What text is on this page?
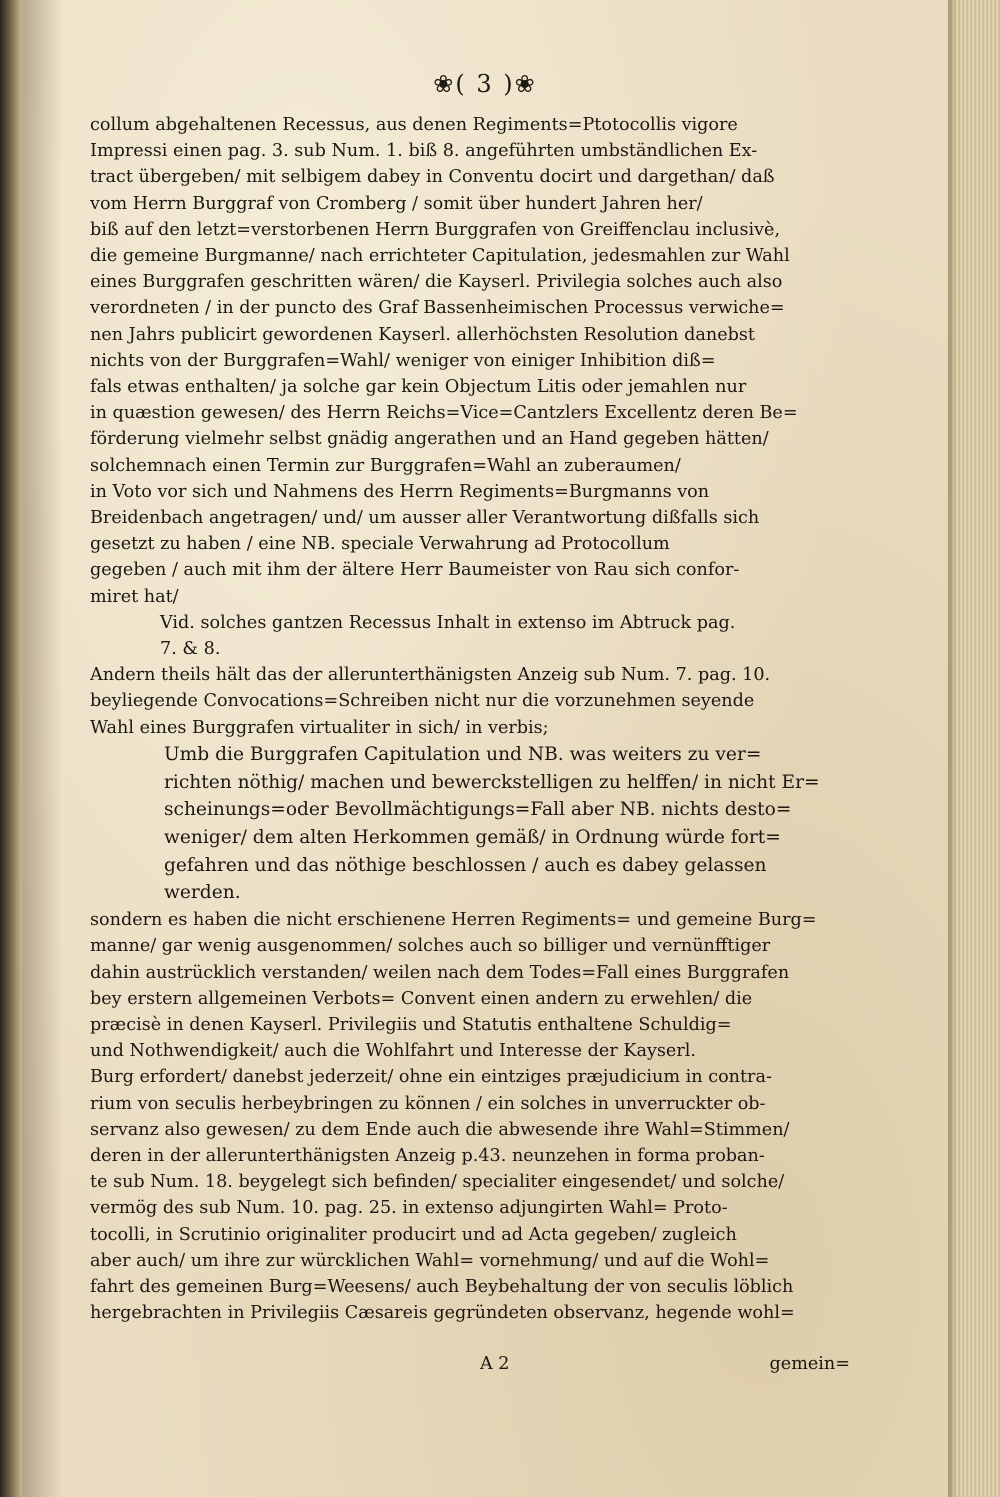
❀( 3 )❀

collum abgehaltenen Recessus, aus denen Regiments=Ptotocollis vigore
Impressi einen pag. 3. sub Num. 1. biß 8. angeführten umbständlichen Ex-
tract übergeben/ mit selbigem dabey in Conventu docirt und dargethan/ daß
vom Herrn Burggraf von Cromberg / somit über hundert Jahren her/
biß auf den letzt=verstorbenen Herrn Burggrafen von Greiffenclau inclusivè,
die gemeine Burgmanne/ nach errichteter Capitulation, jedesmahlen zur Wahl
eines Burggrafen geschritten wären/ die Kayserl. Privilegia solches auch also
verordneten / in der puncto des Graf Bassenheimischen Processus verwiche=
nen Jahrs publicirt gewordenen Kayserl. allerhöchsten Resolution danebst
nichts von der Burggrafen=Wahl/ weniger von einiger Inhibition diß=
fals etwas enthalten/ ja solche gar kein Objectum Litis oder jemahlen nur
in quæstion gewesen/ des Herrn Reichs=Vice=Cantzlers Excellentz deren Be=
förderung vielmehr selbst gnädig angerathen und an Hand gegeben hätten/
solchemnach einen Termin zur Burggrafen=Wahl an zuberaumen/
in Voto vor sich und Nahmens des Herrn Regiments=Burgmanns von
Breidenbach angetragen/ und/ um ausser aller Verantwortung dißfalls sich
gesetzt zu haben / eine NB. speciale Verwahrung ad Protocollum
gegeben / auch mit ihm der ältere Herr Baumeister von Rau sich confor-
miret hat/

Vid. solches gantzen Recessus Inhalt in extenso im Abtruck pag.
7. & 8.

Andern theils hält das der allerunterthänigsten Anzeig sub Num. 7. pag. 10.
beyliegende Convocations=Schreiben nicht nur die vorzunehmen seyende
Wahl eines Burggrafen virtualiter in sich/ in verbis;

Umb die Burggrafen Capitulation und NB. was weiters zu ver=
richten nöthig/ machen und bewerckstelligen zu helffen/ in nicht Er=
scheinungs=oder Bevollmächtigungs=Fall aber NB. nichts desto=
weniger/ dem alten Herkommen gemäß/ in Ordnung würde fort=
gefahren und das nöthige beschlossen / auch es dabey gelassen
werden.

sondern es haben die nicht erschienene Herren Regiments= und gemeine Burg=
manne/ gar wenig ausgenommen/ solches auch so billiger und vernünfftiger
dahin austrücklich verstanden/ weilen nach dem Todes=Fall eines Burggrafen
bey erstern allgemeinen Verbots= Convent einen andern zu erwehlen/ die
præcisè in denen Kayserl. Privilegiis und Statutis enthaltene Schuldig=
und Nothwendigkeit/ auch die Wohlfahrt und Interesse der Kayserl.
Burg erfordert/ danebst jederzeit/ ohne ein eintziges præjudicium in contra-
rium von seculis herbeybringen zu können / ein solches in unverruckter ob-
servanz also gewesen/ zu dem Ende auch die abwesende ihre Wahl=Stimmen/
deren in der allerunterthänigsten Anzeig p.43. neunzehen in forma proban-
te sub Num. 18. beygelegt sich befinden/ specialiter eingesendet/ und solche/
vermög des sub Num. 10. pag. 25. in extenso adjungirten Wahl= Proto-
tocolli, in Scrutinio originaliter producirt und ad Acta gegeben/ zugleich
aber auch/ um ihre zur würcklichen Wahl= vornehmung/ und auf die Wohl=
fahrt des gemeinen Burg=Weesens/ auch Beybehaltung der von seculis löblich
hergebrachten in Privilegiis Cæsareis gegründeten observanz, hegende wohl=

A 2	gemein=
